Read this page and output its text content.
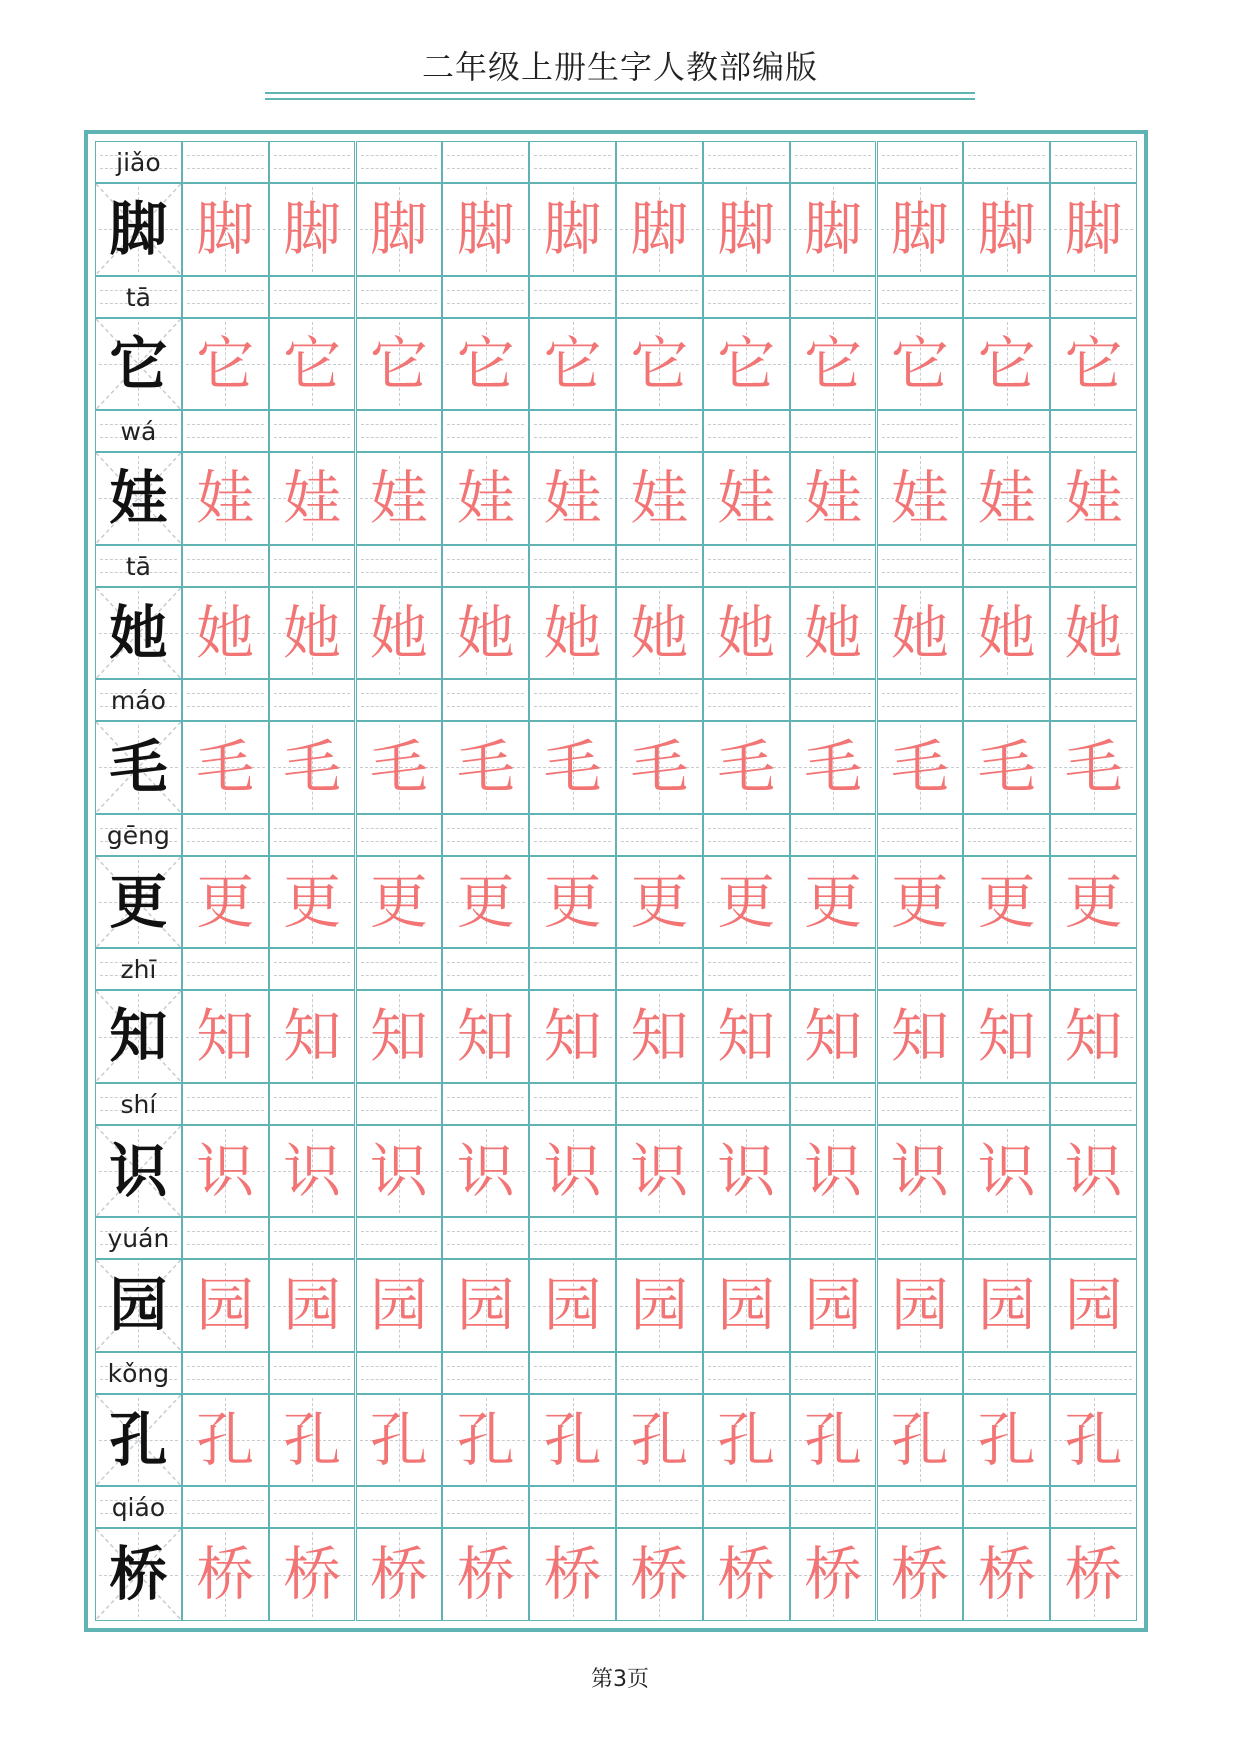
二年级上册生字人教部编版
jiǎo
脚 脚 脚 脚 脚 脚 脚 脚 脚 脚 脚 脚
tā
它 它 它 它 它 它 它 它 它 它 它 它
wá
娃 娃 娃 娃 娃 娃 娃 娃 娃 娃 娃 娃
tā
她 她 她 她 她 她 她 她 她 她 她 她
máo
毛 毛 毛 毛 毛 毛 毛 毛 毛 毛 毛 毛
gēng
更 更 更 更 更 更 更 更 更 更 更 更
zhī
知 知 知 知 知 知 知 知 知 知 知 知
shí
识 识 识 识 识 识 识 识 识 识 识 识
yuán
园 园 园 园 园 园 园 园 园 园 园 园
kǒng
孔 孔 孔 孔 孔 孔 孔 孔 孔 孔 孔 孔
qiáo
桥 桥 桥 桥 桥 桥 桥 桥 桥 桥 桥 桥
第3页
